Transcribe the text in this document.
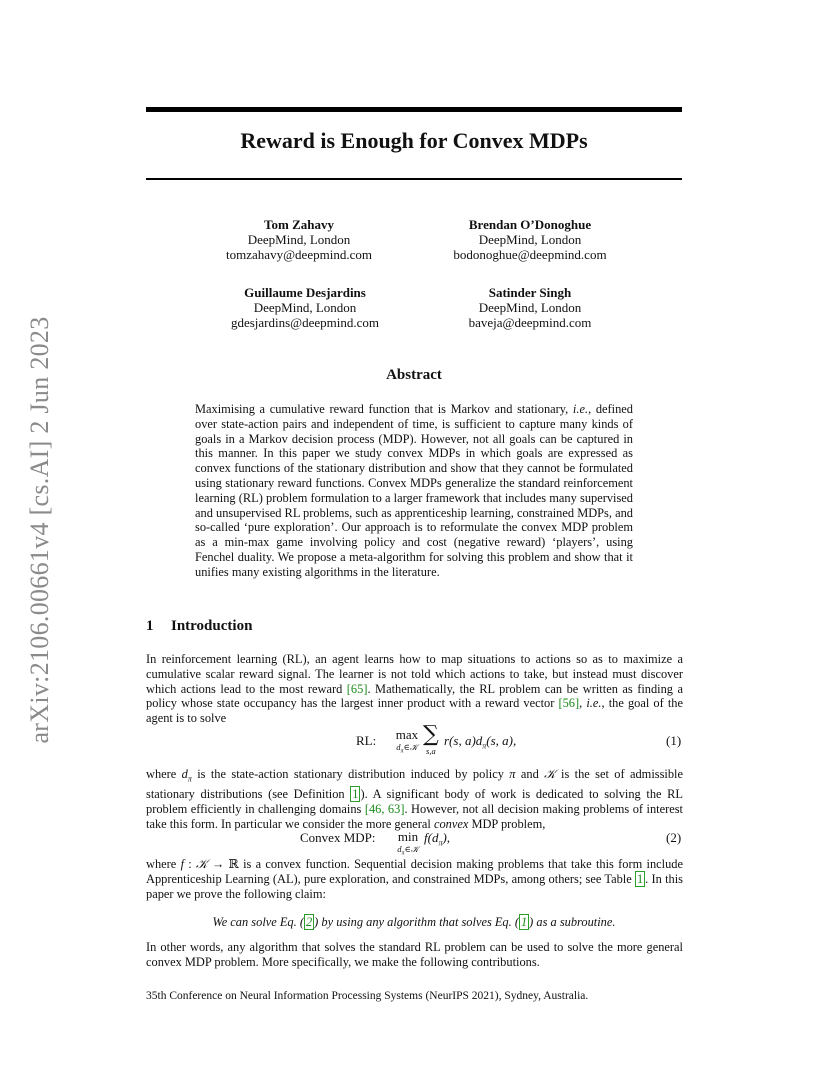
arXiv:2106.00661v4 [cs.AI] 2 Jun 2023
Reward is Enough for Convex MDPs
Tom Zahavy
DeepMind, London
tomzahavy@deepmind.com
Brendan O’Donoghue
DeepMind, London
bodonoghue@deepmind.com
Guillaume Desjardins
DeepMind, London
gdesjardins@deepmind.com
Satinder Singh
DeepMind, London
baveja@deepmind.com
Abstract

Maximising a cumulative reward function that is Markov and stationary, i.e., defined over state-action pairs and independent of time, is sufficient to capture many kinds of goals in a Markov decision process (MDP). However, not all goals can be captured in this manner. In this paper we study convex MDPs in which goals are expressed as convex functions of the stationary distribution and show that they cannot be formulated using stationary reward functions. Convex MDPs generalize the standard reinforcement learning (RL) problem formulation to a larger framework that includes many supervised and unsupervised RL problems, such as apprenticeship learning, constrained MDPs, and so-called ‘pure exploration’. Our approach is to reformulate the convex MDP problem as a min-max game involving policy and cost (negative reward) ‘players’, using Fenchel duality. We propose a meta-algorithm for solving this problem and show that it unifies many existing algorithms in the literature.

1 Introduction

In reinforcement learning (RL), an agent learns how to map situations to actions so as to maximize a cumulative scalar reward signal. The learner is not told which actions to take, but instead must discover which actions lead to the most reward [65]. Mathematically, the RL problem can be written as finding a policy whose state occupancy has the largest inner product with a reward vector [56], i.e., the goal of the agent is to solve

RL: max
$d_\pi\in 𝒦$ ∑
s,a
r(s, $a)d_\pi(s$, a),	(1)

where $d_\pi$ is the state-action stationary distribution induced by policy π and 𝒦 is the set of admissible stationary distributions (see Definition 1 ). A significant body of work is dedicated to solving the RL problem efficiently in challenging domains [46, 63]. However, not all decision making problems of interest take this form. In particular we consider the more general convex MDP problem,

Convex MDP: min
$d_\pi\in 𝒦$
$f(d_\pi)$,	(2)

where f : 𝒦 → ℝ is a convex function. Sequential decision making problems that take this form include Apprenticeship Learning (AL), pure exploration, and constrained MDPs, among others; see Table 1 . In this paper we prove the following claim:

We can solve Eq. ( 2 ) by using any algorithm that solves Eq. ( 1 ) as a subroutine.

In other words, any algorithm that solves the standard RL problem can be used to solve the more general convex MDP problem. More specifically, we make the following contributions.

35th Conference on Neural Information Processing Systems (NeurIPS 2021), Sydney, Australia.
